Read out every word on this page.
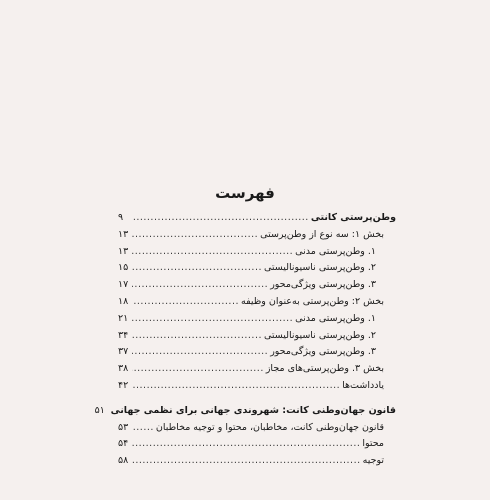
فهرست
وطن‌پرستی کانتی
.....
۹
بخش ۱: سه نوع از وطن‌پرستی
.....
۱۳
۱. وطن‌پرستی مدنی
.....
۱۳
۲. وطن‌پرستی ناسیونالیستی
.....
۱۵
۳. وطن‌پرستی ویژگی‌محور
.....
۱۷
بخش ۲: وطن‌پرستی به‌عنوان وظیفه
.....
۱۸
۱. وطن‌پرستی مدنی
.....
۲۱
۲. وطن‌پرستی ناسیونالیستی
.....
۳۴
۳. وطن‌پرستی ویژگی‌محور
.....
۳۷
بخش ۳. وطن‌پرستی‌های مجاز
.....
۳۸
یادداشت‌ها
.....
۴۲
قانون جهان‌وطنی کانت: شهروندی جهانی برای نظمی جهانی
۵۱
قانون جهان‌وطنی کانت، مخاطبان، محتوا و توجیه مخاطبان
.....
۵۳
محتوا
.....
۵۴
توجیه
.....
۵۸
